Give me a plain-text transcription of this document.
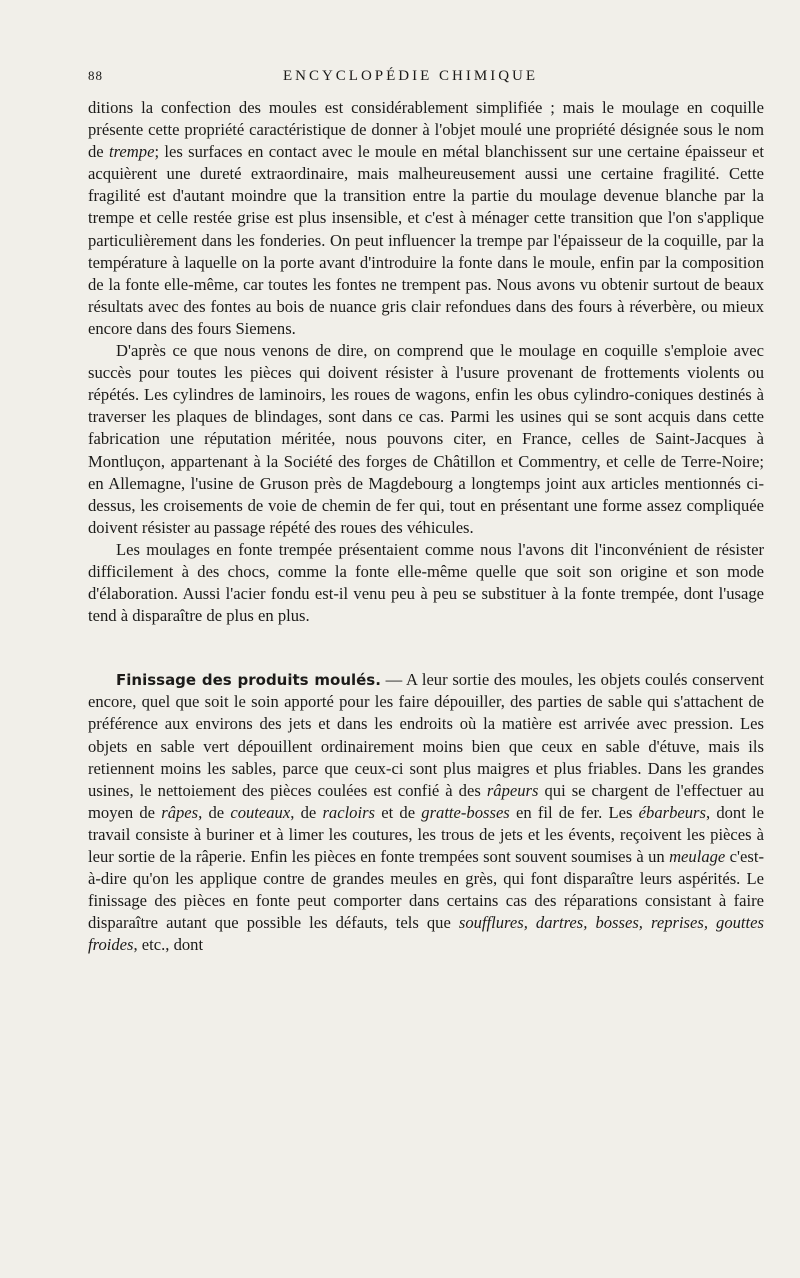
88	ENCYCLOPÉDIE CHIMIQUE

ditions la confection des moules est considérablement simplifiée ; mais le moulage en coquille présente cette propriété caractéristique de donner à l'objet moulé une propriété désignée sous le nom de trempe; les surfaces en contact avec le moule en métal blanchissent sur une certaine épaisseur et acquièrent une dureté extraordinaire, mais malheureusement aussi une certaine fragilité. Cette fragilité est d'autant moindre que la transition entre la partie du moulage devenue blanche par la trempe et celle restée grise est plus insensible, et c'est à ménager cette transition que l'on s'applique particulièrement dans les fonderies. On peut influencer la trempe par l'épaisseur de la coquille, par la température à laquelle on la porte avant d'introduire la fonte dans le moule, enfin par la composition de la fonte elle-même, car toutes les fontes ne trempent pas. Nous avons vu obtenir surtout de beaux résultats avec des fontes au bois de nuance gris clair refondues dans des fours à réverbère, ou mieux encore dans des fours Siemens.

D'après ce que nous venons de dire, on comprend que le moulage en coquille s'emploie avec succès pour toutes les pièces qui doivent résister à l'usure provenant de frottements violents ou répétés. Les cylindres de laminoirs, les roues de wagons, enfin les obus cylindro-coniques destinés à traverser les plaques de blindages, sont dans ce cas. Parmi les usines qui se sont acquis dans cette fabrication une réputation méritée, nous pouvons citer, en France, celles de Saint-Jacques à Montluçon, appartenant à la Société des forges de Châtillon et Commentry, et celle de Terre-Noire; en Allemagne, l'usine de Gruson près de Magdebourg a longtemps joint aux articles mentionnés ci-dessus, les croisements de voie de chemin de fer qui, tout en présentant une forme assez compliquée doivent résister au passage répété des roues des véhicules.

Les moulages en fonte trempée présentaient comme nous l'avons dit l'inconvénient de résister difficilement à des chocs, comme la fonte elle-même quelle que soit son origine et son mode d'élaboration. Aussi l'acier fondu est-il venu peu à peu se substituer à la fonte trempée, dont l'usage tend à disparaître de plus en plus.

Finissage des produits moulés. — A leur sortie des moules, les objets coulés conservent encore, quel que soit le soin apporté pour les faire dépouiller, des parties de sable qui s'attachent de préférence aux environs des jets et dans les endroits où la matière est arrivée avec pression. Les objets en sable vert dépouillent ordinairement moins bien que ceux en sable d'étuve, mais ils retiennent moins les sables, parce que ceux-ci sont plus maigres et plus friables. Dans les grandes usines, le nettoiement des pièces coulées est confié à des râpeurs qui se chargent de l'effectuer au moyen de râpes, de couteaux, de racloirs et de gratte-bosses en fil de fer. Les ébarbeurs, dont le travail consiste à buriner et à limer les coutures, les trous de jets et les évents, reçoivent les pièces à leur sortie de la râperie. Enfin les pièces en fonte trempées sont souvent soumises à un meulage c'est-à-dire qu'on les applique contre de grandes meules en grès, qui font disparaître leurs aspérités. Le finissage des pièces en fonte peut comporter dans certains cas des réparations consistant à faire disparaître autant que possible les défauts, tels que soufflures, dartres, bosses, reprises, gouttes froides, etc., dont
